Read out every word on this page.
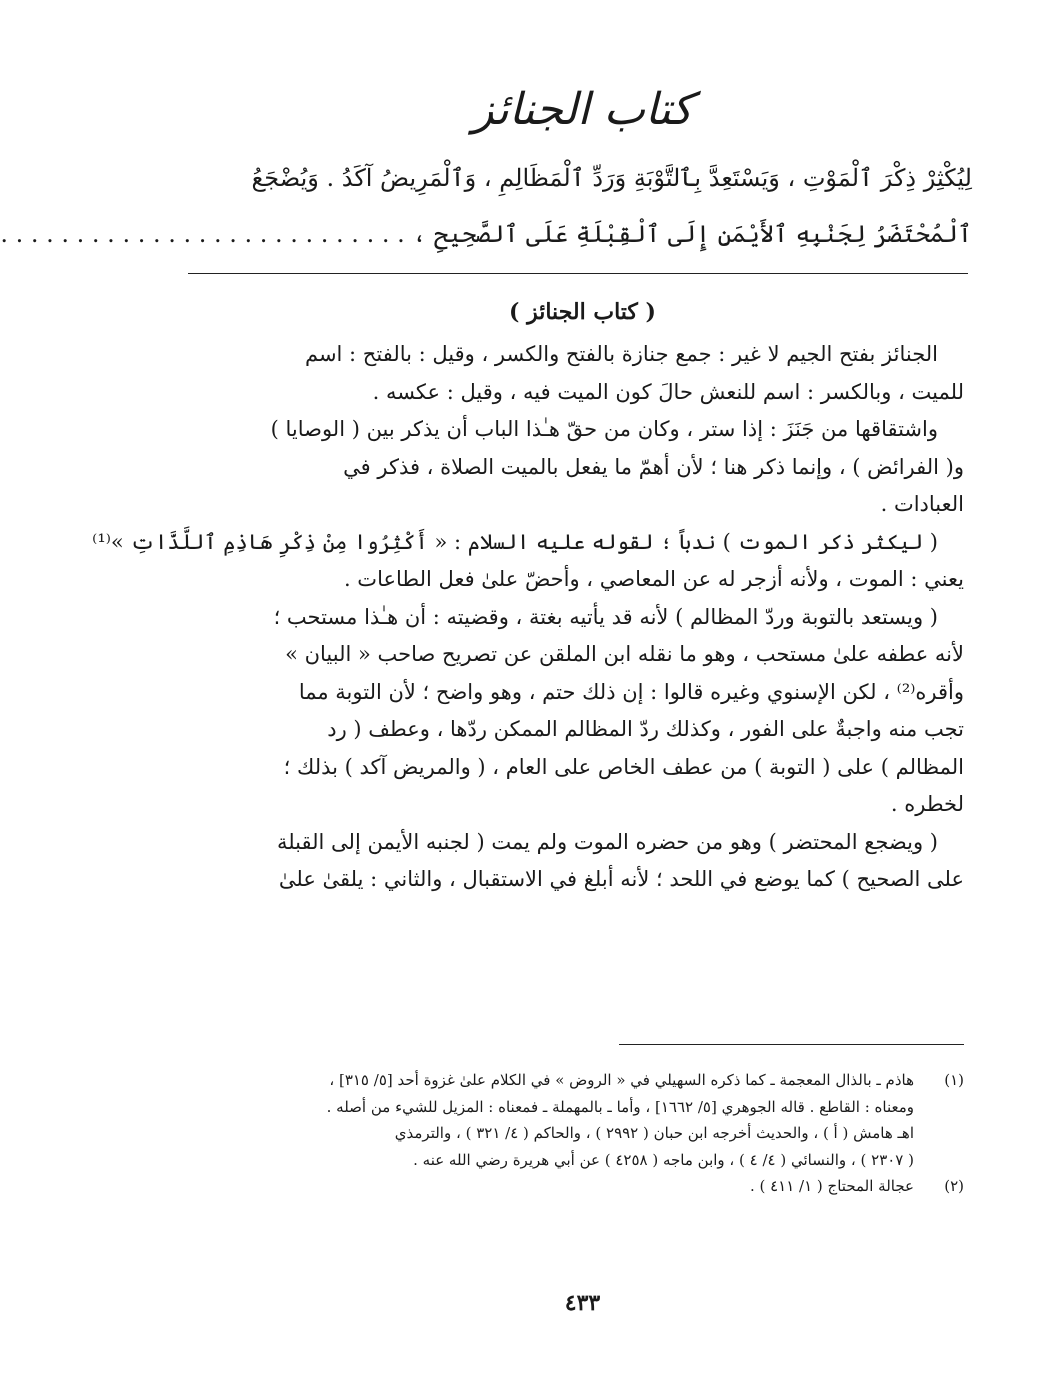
كتاب الجنائز
لِيُكْثِرْ ذِكْرَ ٱلْمَوْتِ ، وَيَسْتَعِدَّ بِٱلتَّوْبَةِ وَرَدِّ ٱلْمَظَالِمِ ، وَٱلْمَرِيضُ آكَدُ . وَيُضْجَعُ
ٱلْمُحْتَضَرُ لِجَنْبِهِ ٱلأَيْمَنِ إِلَى ٱلْقِبْلَةِ عَلَى ٱلصَّحِيحِ ، . . . . . . . . . . . . . . . . . . . . . . . . . . .
( كتاب الجنائز )

الجنائز بفتح الجيم لا غير : جمع جنازة بالفتح والكسر ، وقيل : بالفتح : اسم
للميت ، وبالكسر : اسم للنعش حالَ كون الميت فيه ، وقيل : عكسه .

واشتقاقها من جَنَزَ : إذا ستر ، وكان من حقّ هـٰذا الباب أن يذكر بين ( الوصايا )
و( الفرائض ) ، وإنما ذكر هنا ؛ لأن أهمّ ما يفعل بالميت الصلاة ، فذكر في
العبادات .

( ليكثر ذكر الموت ) ندباً ؛ لقوله عليه السلام : « أَكْثِرُوا مِنْ ذِكْرِ هَاذِمِ ٱللَّذَّاتِ »⁽¹⁾
يعني : الموت ، ولأنه أزجر له عن المعاصي ، وأحضّ علىٰ فعل الطاعات .

( ويستعد بالتوبة وردّ المظالم ) لأنه قد يأتيه بغتة ، وقضيته : أن هـٰذا مستحب ؛
لأنه عطفه علىٰ مستحب ، وهو ما نقله ابن الملقن عن تصريح صاحب « البيان »
وأقره⁽²⁾ ، لكن الإسنوي وغيره قالوا : إن ذلك حتم ، وهو واضح ؛ لأن التوبة مما
تجب منه واجبةٌ على الفور ، وكذلك ردّ المظالم الممكن ردّها ، وعطف ( رد
المظالم ) على ( التوبة ) من عطف الخاص على العام ، ( والمريض آكد ) بذلك ؛
لخطره .

( ويضجع المحتضر ) وهو من حضره الموت ولم يمت ( لجنبه الأيمن إلى القبلة
على الصحيح ) كما يوضع في اللحد ؛ لأنه أبلغ في الاستقبال ، والثاني : يلقىٰ علىٰ

(١)
هاذم ـ بالذال المعجمة ـ كما ذكره السهيلي في « الروض » في الكلام علىٰ غزوة أحد [٥/ ٣١٥] ،
ومعناه : القاطع . قاله الجوهري [٥/ ١٦٦٢] ، وأما ـ بالمهملة ـ فمعناه : المزيل للشيء من أصله .
اهـ هامش ( أ ) ، والحديث أخرجه ابن حبان ( ٢٩٩٢ ) ، والحاكم ( ٤/ ٣٢١ ) ، والترمذي
( ٢٣٠٧ ) ، والنسائي ( ٤/ ٤ ) ، وابن ماجه ( ٤٢٥٨ ) عن أبي هريرة رضي الله عنه .
(٢)
عجالة المحتاج ( ١/ ٤١١ ) .
٤٣٣
